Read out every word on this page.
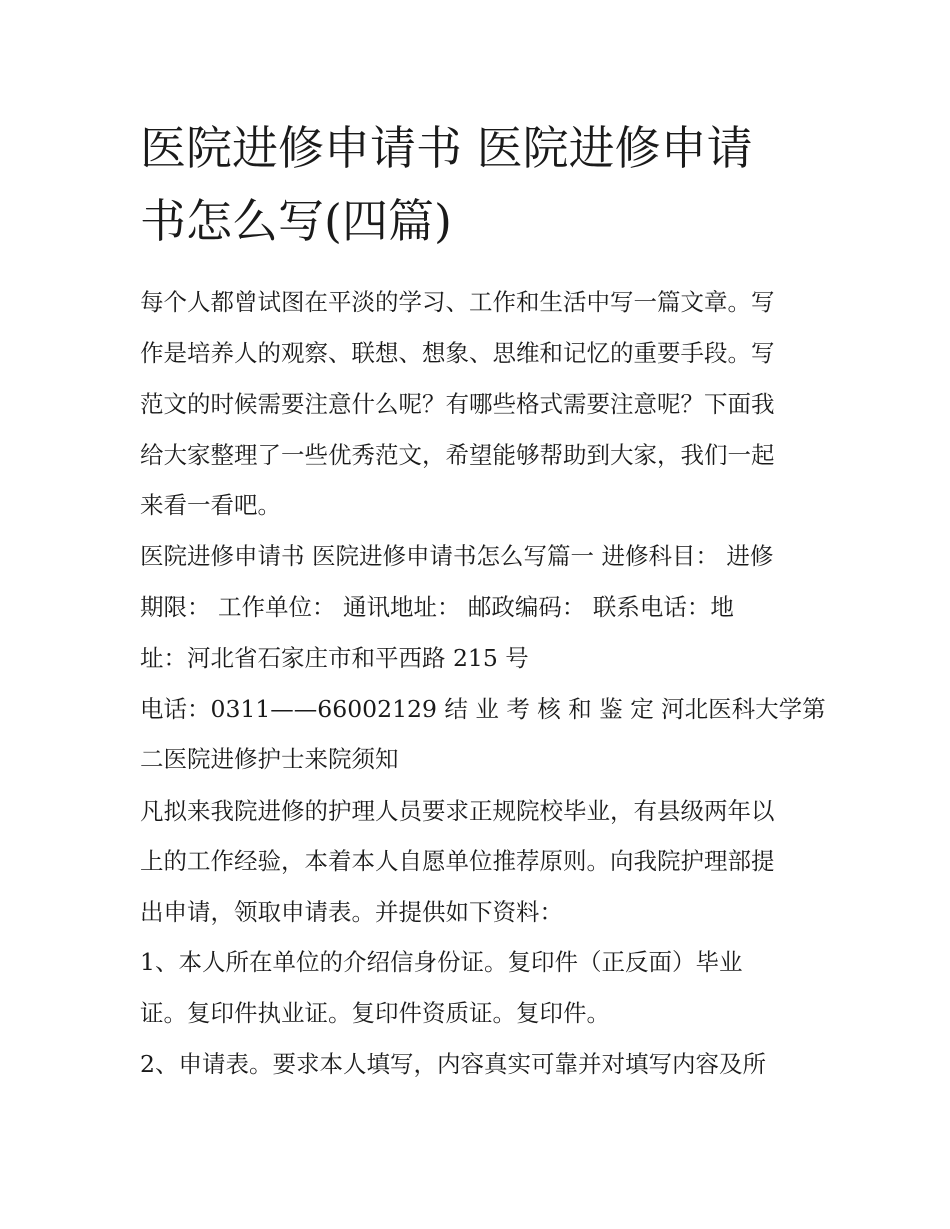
医院进修申请书 医院进修申请
书怎么写(四篇)

每个人都曾试图在平淡的学习、工作和生活中写一篇文章。写

作是培养人的观察、联想、想象、思维和记忆的重要手段。写

范文的时候需要注意什么呢？有哪些格式需要注意呢？下面我

给大家整理了一些优秀范文，希望能够帮助到大家，我们一起

来看一看吧。

医院进修申请书 医院进修申请书怎么写篇一 进修科目： 进修

期限： 工作单位： 通讯地址： 邮政编码： 联系电话：地

址：河北省石家庄市和平西路 215 号

电话：0311——66002129 结 业 考 核 和 鉴 定 河北医科大学第

二医院进修护士来院须知

凡拟来我院进修的护理人员要求正规院校毕业，有县级两年以

上的工作经验，本着本人自愿单位推荐原则。向我院护理部提

出申请，领取申请表。并提供如下资料：

1、本人所在单位的介绍信身份证。复印件（正反面）毕业

证。复印件执业证。复印件资质证。复印件。

2、申请表。要求本人填写，内容真实可靠并对填写内容及所
